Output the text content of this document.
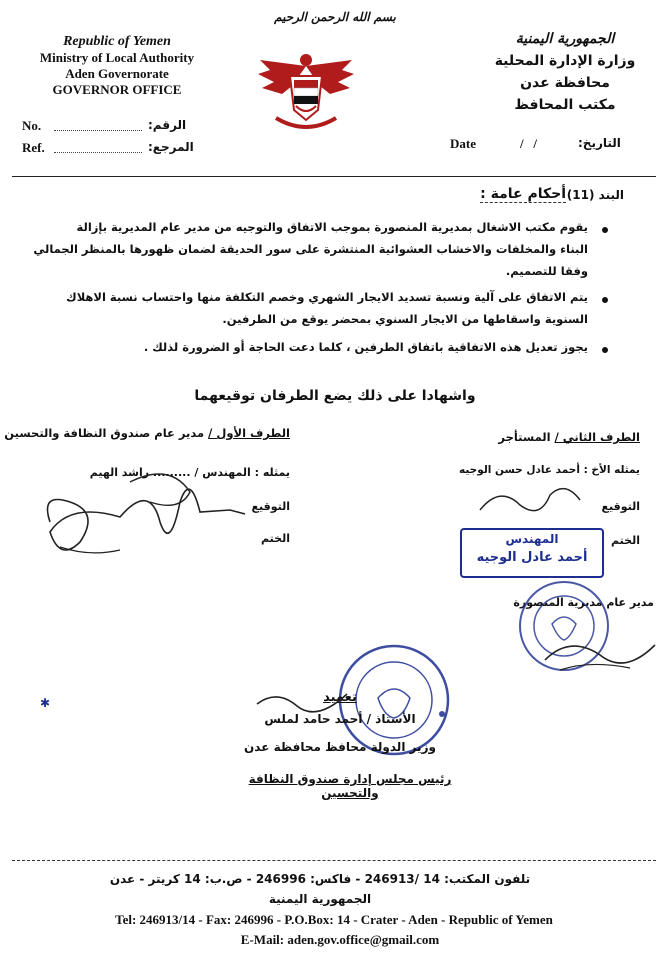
بسم الله الرحمن الرحيم
Republic of Yemen
Ministry of Local Authority
Aden Governorate
GOVERNOR OFFICE
الجمهورية اليمنية
وزارة الإدارة المحلية
محافظة عدن
مكتب المحافظ
No.	الرقم:
Ref.	المرجع:	Date	/   /	التاريخ:
البند (11)
أحكام عامة :
يقوم مكتب الاشغال بمديرية المنصورة بموجب الاتفاق والتوجيه من مدير عام المديرية بإزالة
البناء والمخلفات والاخشاب العشوائية المنتشرة على سور الحديقة لضمان ظهورها بالمنظر الجمالي
وفقا للتصميم.
يتم الاتفاق على آلية ونسبة تسديد الايجار الشهري وخصم التكلفة منها واحتساب نسبة الاهلاك
السنوية واسقاطها من الايجار السنوي بمحضر يوقع من الطرفين.
يجوز تعديل هذه الاتفاقية باتفاق الطرفين ، كلما دعت الحاجة أو الضرورة لذلك .
واشهادا على ذلك يضع الطرفان توقيعهما
الطرف الأول / مدير عام صندوق النظافة والتحسين
يمثله : المهندس / ......... راشد الهيم
التوقيع
الختم
الطرف الثاني / المستأجر
يمثله الأخ : أحمد عادل حسن الوجيه
التوقيع
الختم
المهندس
أحمد عادل الوجيه
مدير عام مديرية المنصورة
✱	تعميد
الأستاذ / أحمد حامد لملس
وزير الدولة محافظ محافظة عدن
رئيس مجلس إدارة صندوق النظافة والتحسين
تلفون المكتب: 14 /246913 - فاكس: 246996 - ص.ب: 14 كريتر - عدن
الجمهورية اليمنية
Tel: 246913/14 - Fax: 246996 - P.O.Box: 14 - Crater - Aden - Republic of Yemen
E-Mail: aden.gov.office@gmail.com
